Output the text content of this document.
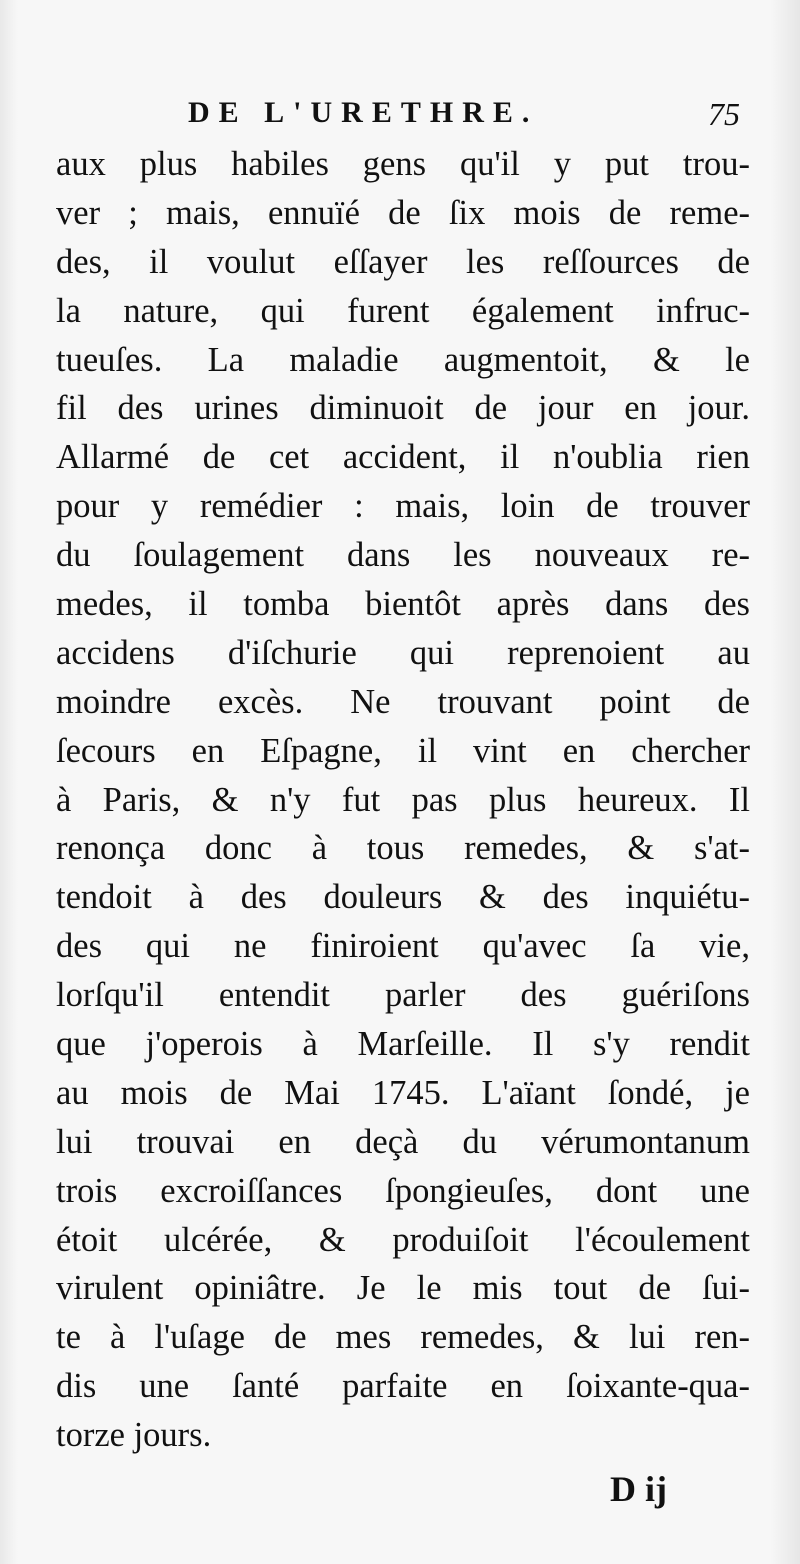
DE L'URETHRE.	75
aux plus habiles gens qu'il y put trou-
ver ; mais, ennuïé de ſix mois de reme-
des, il voulut eſſayer les reſſources de
la nature, qui furent également infruc-
tueuſes. La maladie augmentoit, & le
fil des urines diminuoit de jour en jour.
Allarmé de cet accident, il n'oublia rien
pour y remédier : mais, loin de trouver
du ſoulagement dans les nouveaux re-
medes, il tomba bientôt après dans des
accidens d'iſchurie qui reprenoient au
moindre excès. Ne trouvant point de
ſecours en Eſpagne, il vint en chercher
à Paris, & n'y fut pas plus heureux. Il
renonça donc à tous remedes, & s'at-
tendoit à des douleurs & des inquiétu-
des qui ne finiroient qu'avec ſa vie,
lorſqu'il entendit parler des guériſons
que j'operois à Marſeille. Il s'y rendit
au mois de Mai 1745. L'aïant ſondé, je
lui trouvai en deçà du vérumontanum
trois excroiſſances ſpongieuſes, dont une
étoit ulcérée, & produiſoit l'écoulement
virulent opiniâtre. Je le mis tout de ſui-
te à l'uſage de mes remedes, & lui ren-
dis une ſanté parfaite en ſoixante-qua-
torze jours.
D ij
